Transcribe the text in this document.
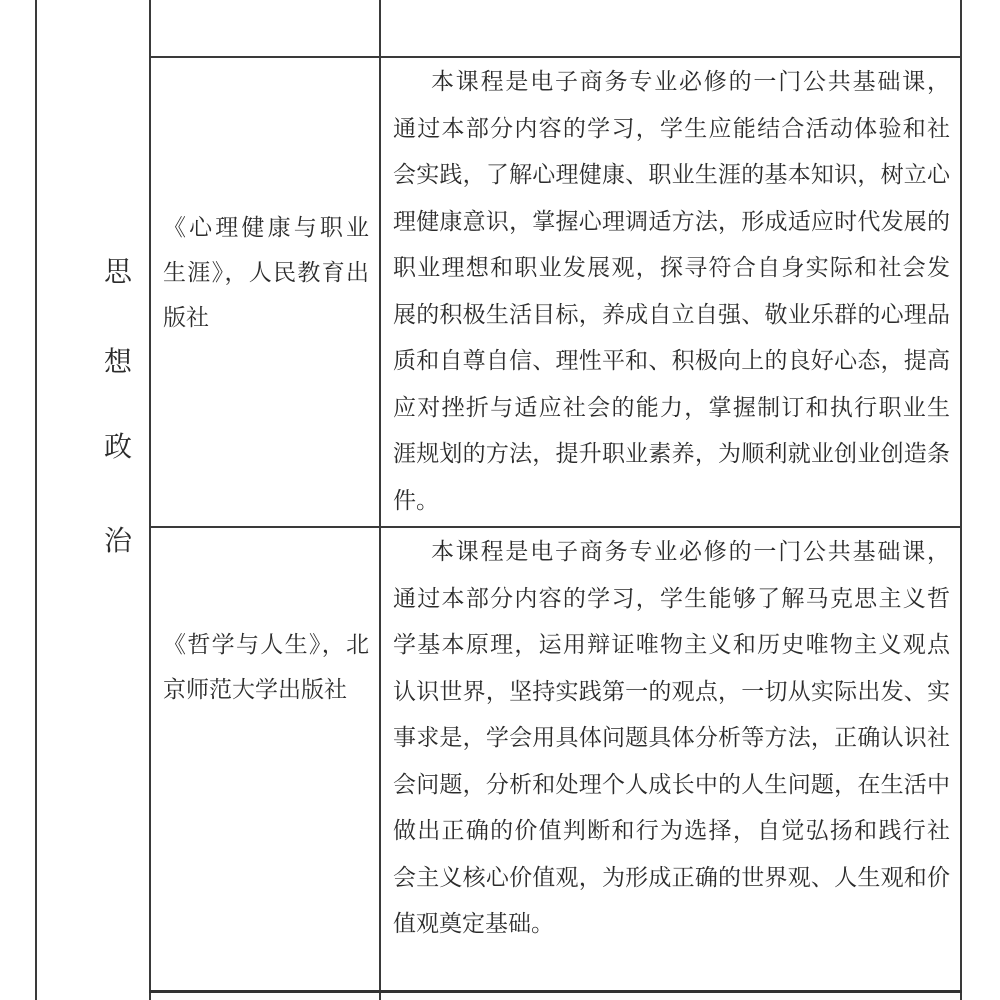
思
想
政
治
《心理健康与职业
生涯》，人民教育出
版社
本课程是电子商务专业必修的一门公共基础课，
通过本部分内容的学习，学生应能结合活动体验和社
会实践，了解心理健康、职业生涯的基本知识，树立心
理健康意识，掌握心理调适方法，形成适应时代发展的
职业理想和职业发展观，探寻符合自身实际和社会发
展的积极生活目标，养成自立自强、敬业乐群的心理品
质和自尊自信、理性平和、积极向上的良好心态，提高
应对挫折与适应社会的能力，掌握制订和执行职业生
涯规划的方法，提升职业素养，为顺利就业创业创造条
件。
《哲学与人生》，北
京师范大学出版社
本课程是电子商务专业必修的一门公共基础课，
通过本部分内容的学习，学生能够了解马克思主义哲
学基本原理，运用辩证唯物主义和历史唯物主义观点
认识世界，坚持实践第一的观点，一切从实际出发、实
事求是，学会用具体问题具体分析等方法，正确认识社
会问题，分析和处理个人成长中的人生问题，在生活中
做出正确的价值判断和行为选择，自觉弘扬和践行社
会主义核心价值观，为形成正确的世界观、人生观和价
值观奠定基础。
